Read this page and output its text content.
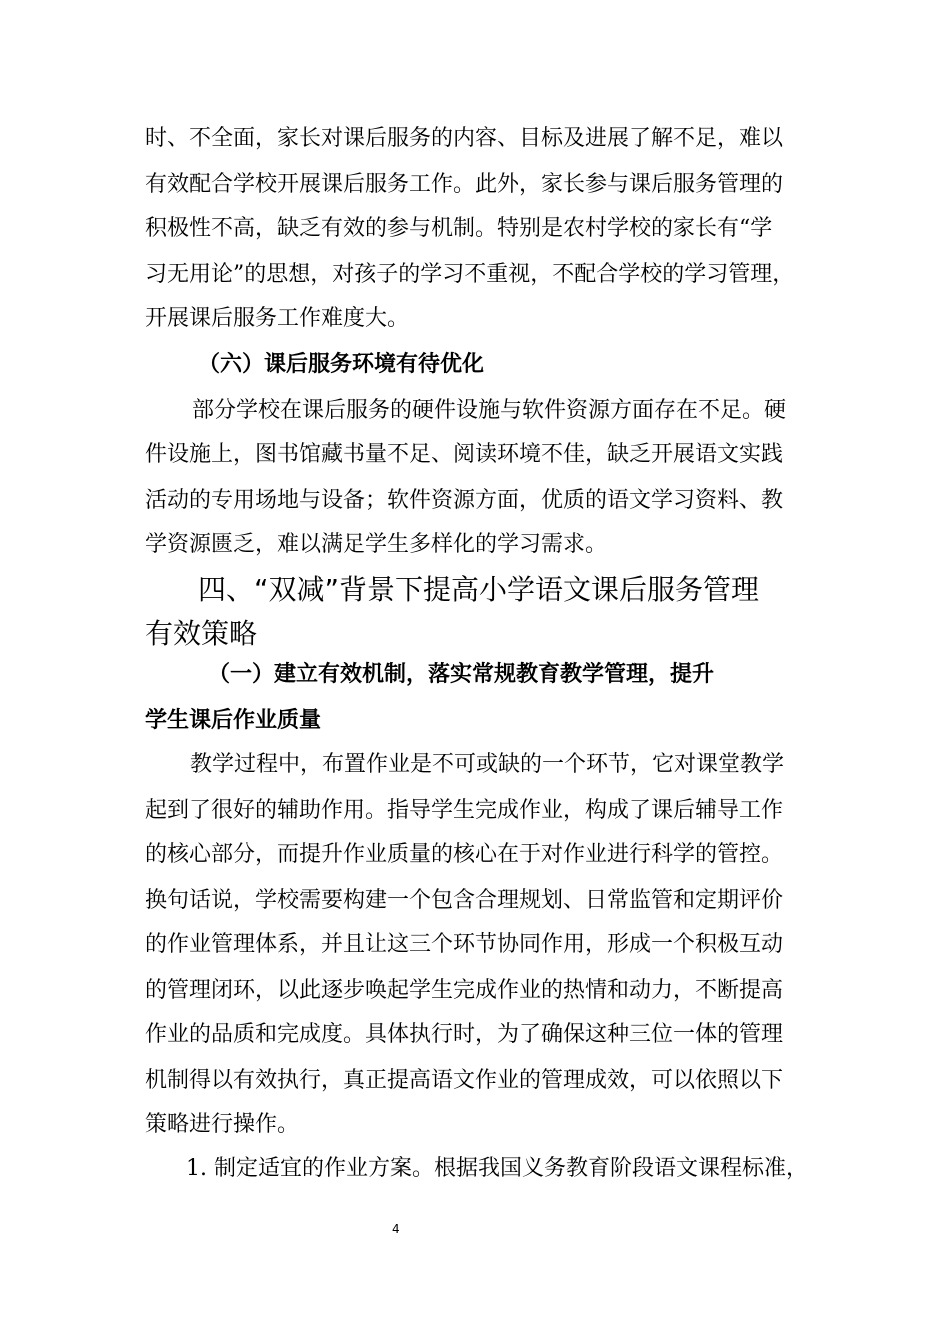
时、不全面，家长对课后服务的内容、目标及进展了解不足，难以
有效配合学校开展课后服务工作。此外，家长参与课后服务管理的
积极性不高，缺乏有效的参与机制。特别是农村学校的家长有“学
习无用论”的思想，对孩子的学习不重视，不配合学校的学习管理，
开展课后服务工作难度大。
（六）课后服务环境有待优化
部分学校在课后服务的硬件设施与软件资源方面存在不足。硬
件设施上，图书馆藏书量不足、阅读环境不佳，缺乏开展语文实践
活动的专用场地与设备；软件资源方面，优质的语文学习资料、教
学资源匮乏，难以满足学生多样化的学习需求。
四、“双减”背景下提高小学语文课后服务管理
有效策略
（一）建立有效机制，落实常规教育教学管理，提升
学生课后作业质量
教学过程中，布置作业是不可或缺的一个环节，它对课堂教学
起到了很好的辅助作用。指导学生完成作业，构成了课后辅导工作
的核心部分，而提升作业质量的核心在于对作业进行科学的管控。
换句话说，学校需要构建一个包含合理规划、日常监管和定期评价
的作业管理体系，并且让这三个环节协同作用，形成一个积极互动
的管理闭环，以此逐步唤起学生完成作业的热情和动力，不断提高
作业的品质和完成度。具体执行时，为了确保这种三位一体的管理
机制得以有效执行，真正提高语文作业的管理成效，可以依照以下
策略进行操作。
1. 制定适宜的作业方案。根据我国义务教育阶段语文课程标准，
4
